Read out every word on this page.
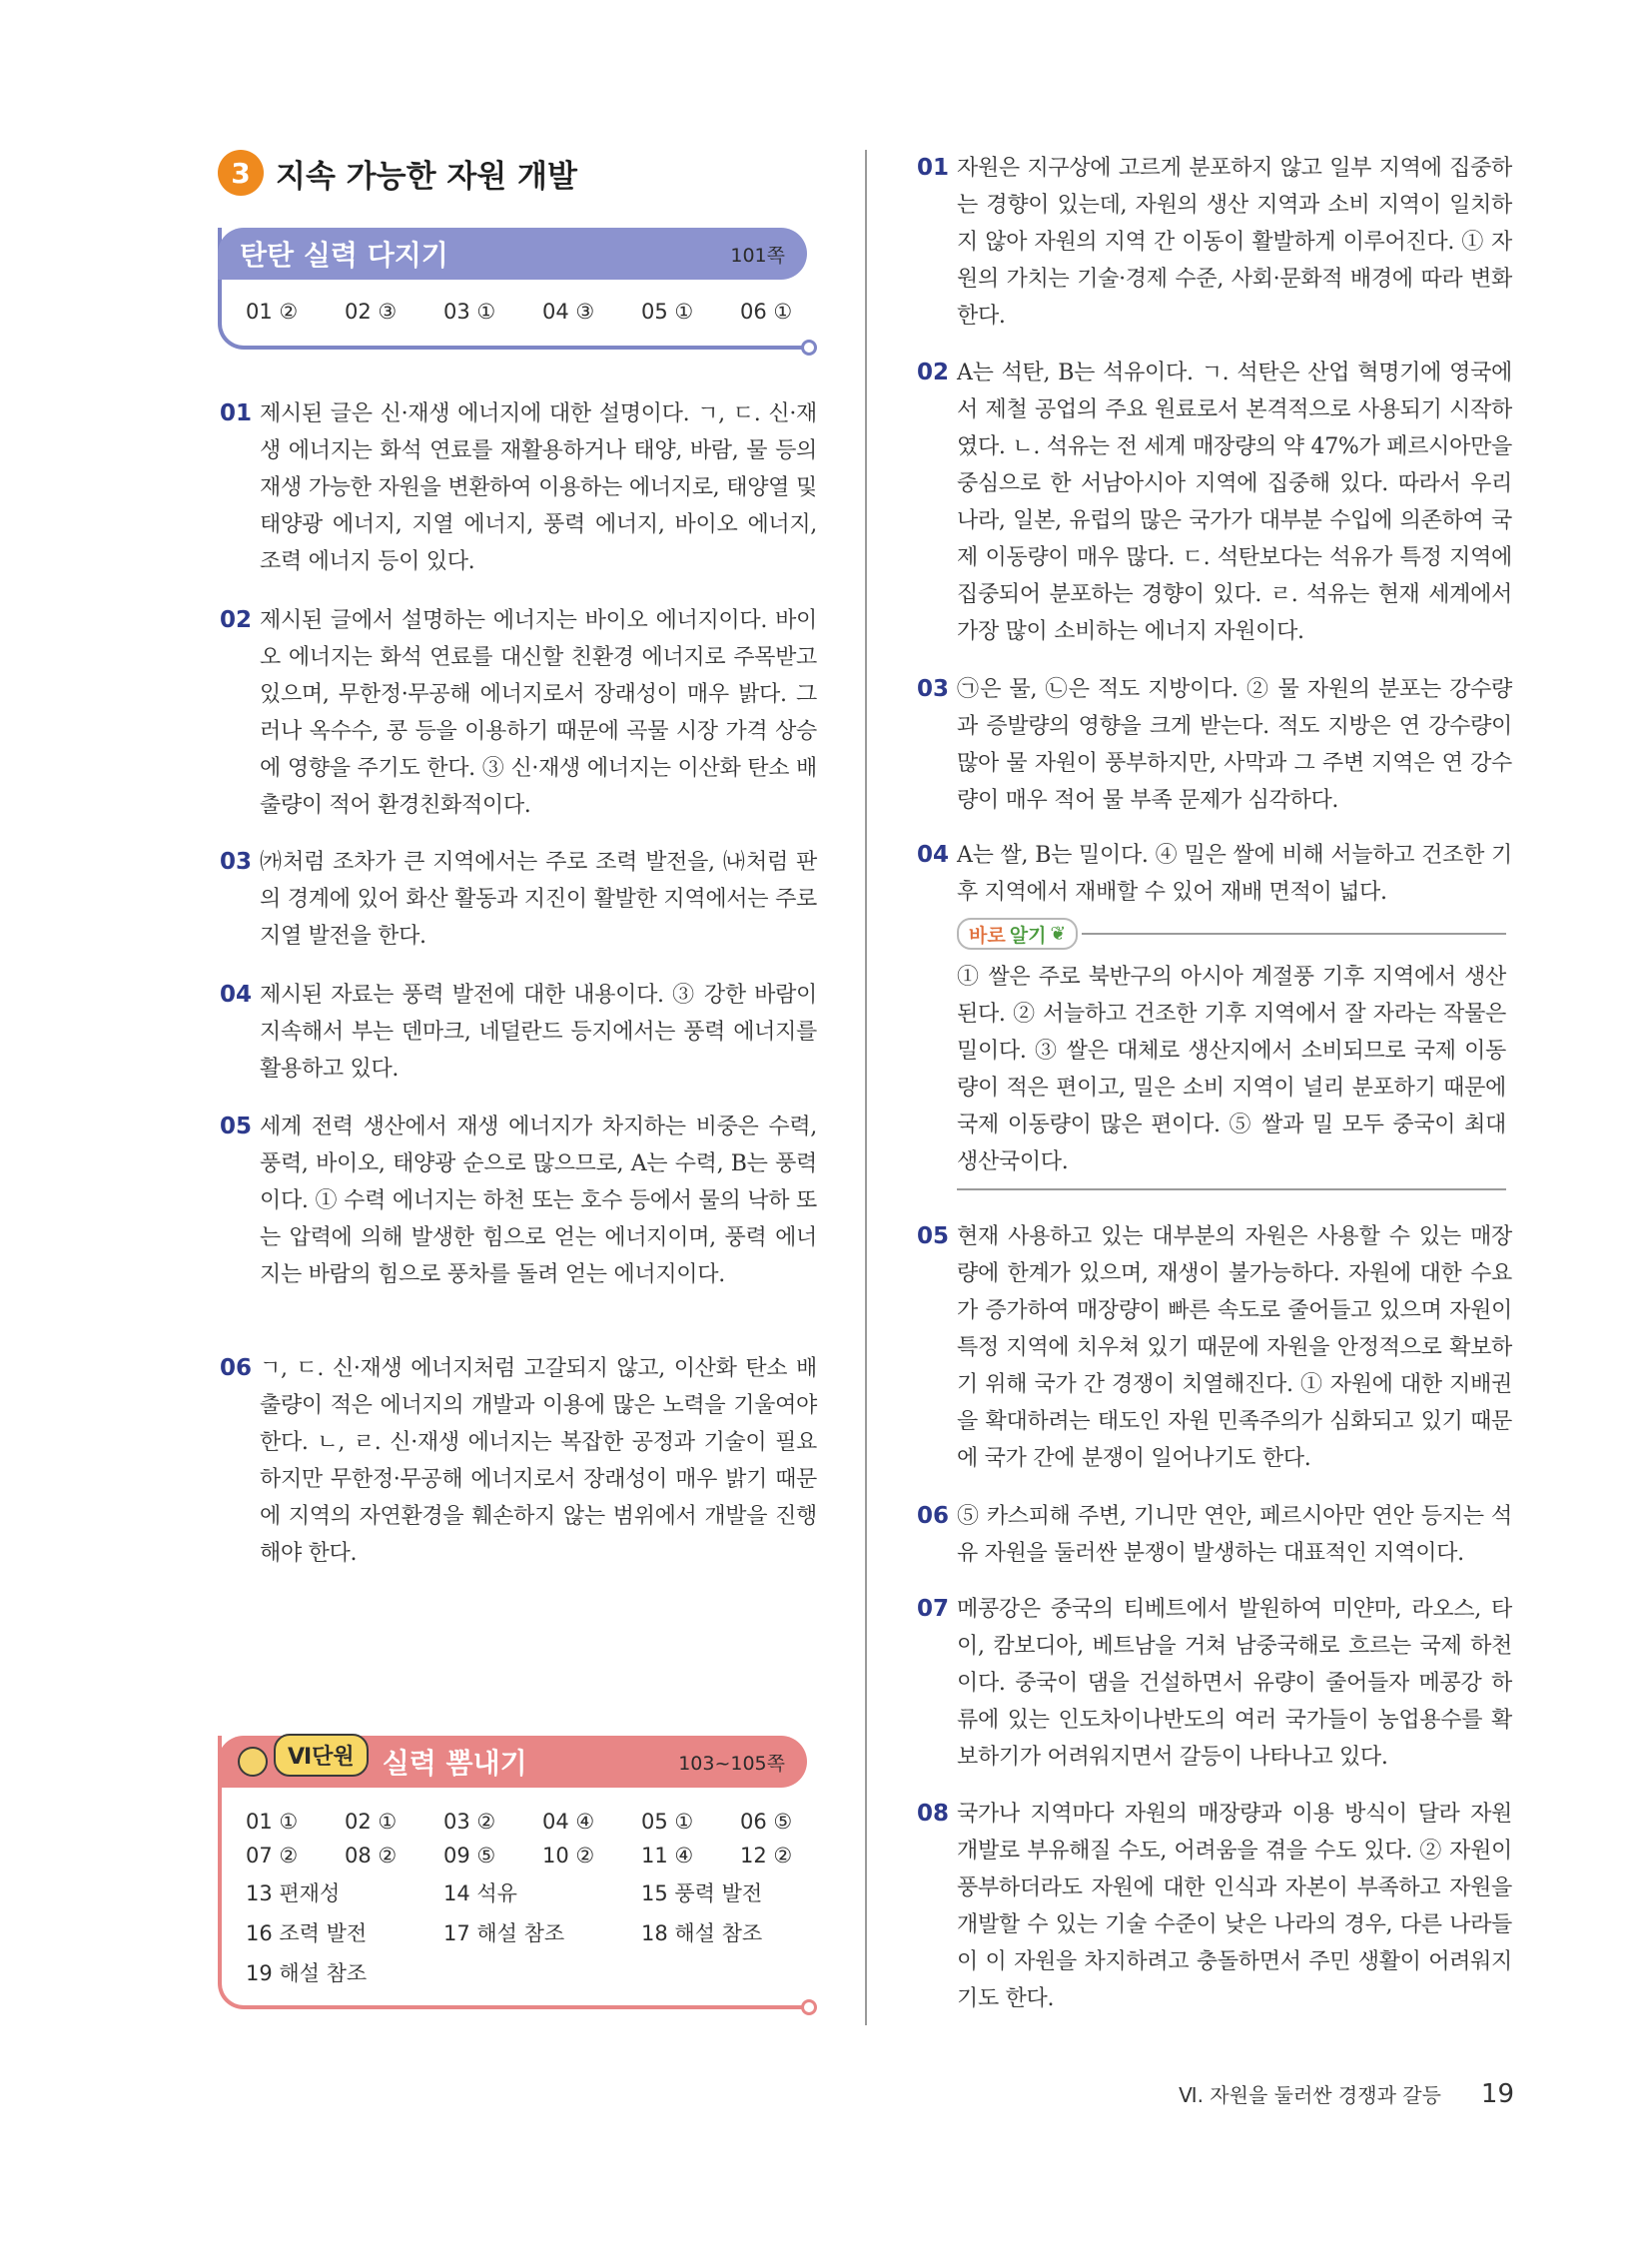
3 지속 가능한 자원 개발
탄탄 실력 다지기	101쪽
01 ②	02 ③	03 ①	04 ③	05 ①	06 ①
01 제시된 글은 신·재생 에너지에 대한 설명이다. ㄱ, ㄷ. 신·재생 에너지는 화석 연료를 재활용하거나 태양, 바람, 물 등의 재생 가능한 자원을 변환하여 이용하는 에너지로, 태양열 및 태양광 에너지, 지열 에너지, 풍력 에너지, 바이오 에너지, 조력 에너지 등이 있다.
02 제시된 글에서 설명하는 에너지는 바이오 에너지이다. 바이오 에너지는 화석 연료를 대신할 친환경 에너지로 주목받고 있으며, 무한정·무공해 에너지로서 장래성이 매우 밝다. 그러나 옥수수, 콩 등을 이용하기 때문에 곡물 시장 가격 상승에 영향을 주기도 한다. ③ 신·재생 에너지는 이산화 탄소 배출량이 적어 환경친화적이다.
03 ㈎처럼 조차가 큰 지역에서는 주로 조력 발전을, ㈏처럼 판의 경계에 있어 화산 활동과 지진이 활발한 지역에서는 주로 지열 발전을 한다.
04 제시된 자료는 풍력 발전에 대한 내용이다. ③ 강한 바람이 지속해서 부는 덴마크, 네덜란드 등지에서는 풍력 에너지를 활용하고 있다.
05 세계 전력 생산에서 재생 에너지가 차지하는 비중은 수력, 풍력, 바이오, 태양광 순으로 많으므로, A는 수력, B는 풍력이다. ① 수력 에너지는 하천 또는 호수 등에서 물의 낙하 또는 압력에 의해 발생한 힘으로 얻는 에너지이며, 풍력 에너지는 바람의 힘으로 풍차를 돌려 얻는 에너지이다.
06 ㄱ, ㄷ. 신·재생 에너지처럼 고갈되지 않고, 이산화 탄소 배출량이 적은 에너지의 개발과 이용에 많은 노력을 기울여야 한다. ㄴ, ㄹ. 신·재생 에너지는 복잡한 공정과 기술이 필요하지만 무한정·무공해 에너지로서 장래성이 매우 밝기 때문에 지역의 자연환경을 훼손하지 않는 범위에서 개발을 진행해야 한다.
Ⅵ단원	실력 뽐내기	103~105쪽
01 ①	02 ①	03 ②	04 ④	05 ①	06 ⑤
07 ②	08 ②	09 ⑤	10 ②	11 ④	12 ②
13 편재성	14 석유	15 풍력 발전
16 조력 발전	17 해설 참조	18 해설 참조
19 해설 참조
01 자원은 지구상에 고르게 분포하지 않고 일부 지역에 집중하는 경향이 있는데, 자원의 생산 지역과 소비 지역이 일치하지 않아 자원의 지역 간 이동이 활발하게 이루어진다. ① 자원의 가치는 기술·경제 수준, 사회·문화적 배경에 따라 변화한다.
02 A는 석탄, B는 석유이다. ㄱ. 석탄은 산업 혁명기에 영국에서 제철 공업의 주요 원료로서 본격적으로 사용되기 시작하였다. ㄴ. 석유는 전 세계 매장량의 약 47%가 페르시아만을 중심으로 한 서남아시아 지역에 집중해 있다. 따라서 우리나라, 일본, 유럽의 많은 국가가 대부분 수입에 의존하여 국제 이동량이 매우 많다. ㄷ. 석탄보다는 석유가 특정 지역에 집중되어 분포하는 경향이 있다. ㄹ. 석유는 현재 세계에서 가장 많이 소비하는 에너지 자원이다.
03 ㉠은 물, ㉡은 적도 지방이다. ② 물 자원의 분포는 강수량과 증발량의 영향을 크게 받는다. 적도 지방은 연 강수량이 많아 물 자원이 풍부하지만, 사막과 그 주변 지역은 연 강수량이 매우 적어 물 부족 문제가 심각하다.
04 A는 쌀, B는 밀이다. ④ 밀은 쌀에 비해 서늘하고 건조한 기후 지역에서 재배할 수 있어 재배 면적이 넓다.
바로 알기 ❦
① 쌀은 주로 북반구의 아시아 계절풍 기후 지역에서 생산된다. ② 서늘하고 건조한 기후 지역에서 잘 자라는 작물은 밀이다. ③ 쌀은 대체로 생산지에서 소비되므로 국제 이동량이 적은 편이고, 밀은 소비 지역이 널리 분포하기 때문에 국제 이동량이 많은 편이다. ⑤ 쌀과 밀 모두 중국이 최대 생산국이다.
05 현재 사용하고 있는 대부분의 자원은 사용할 수 있는 매장량에 한계가 있으며, 재생이 불가능하다. 자원에 대한 수요가 증가하여 매장량이 빠른 속도로 줄어들고 있으며 자원이 특정 지역에 치우쳐 있기 때문에 자원을 안정적으로 확보하기 위해 국가 간 경쟁이 치열해진다. ① 자원에 대한 지배권을 확대하려는 태도인 자원 민족주의가 심화되고 있기 때문에 국가 간에 분쟁이 일어나기도 한다.
06 ⑤ 카스피해 주변, 기니만 연안, 페르시아만 연안 등지는 석유 자원을 둘러싼 분쟁이 발생하는 대표적인 지역이다.
07 메콩강은 중국의 티베트에서 발원하여 미얀마, 라오스, 타이, 캄보디아, 베트남을 거쳐 남중국해로 흐르는 국제 하천이다. 중국이 댐을 건설하면서 유량이 줄어들자 메콩강 하류에 있는 인도차이나반도의 여러 국가들이 농업용수를 확보하기가 어려워지면서 갈등이 나타나고 있다.
08 국가나 지역마다 자원의 매장량과 이용 방식이 달라 자원 개발로 부유해질 수도, 어려움을 겪을 수도 있다. ② 자원이 풍부하더라도 자원에 대한 인식과 자본이 부족하고 자원을 개발할 수 있는 기술 수준이 낮은 나라의 경우, 다른 나라들이 이 자원을 차지하려고 충돌하면서 주민 생활이 어려워지기도 한다.
Ⅵ. 자원을 둘러싼 경쟁과 갈등 19
